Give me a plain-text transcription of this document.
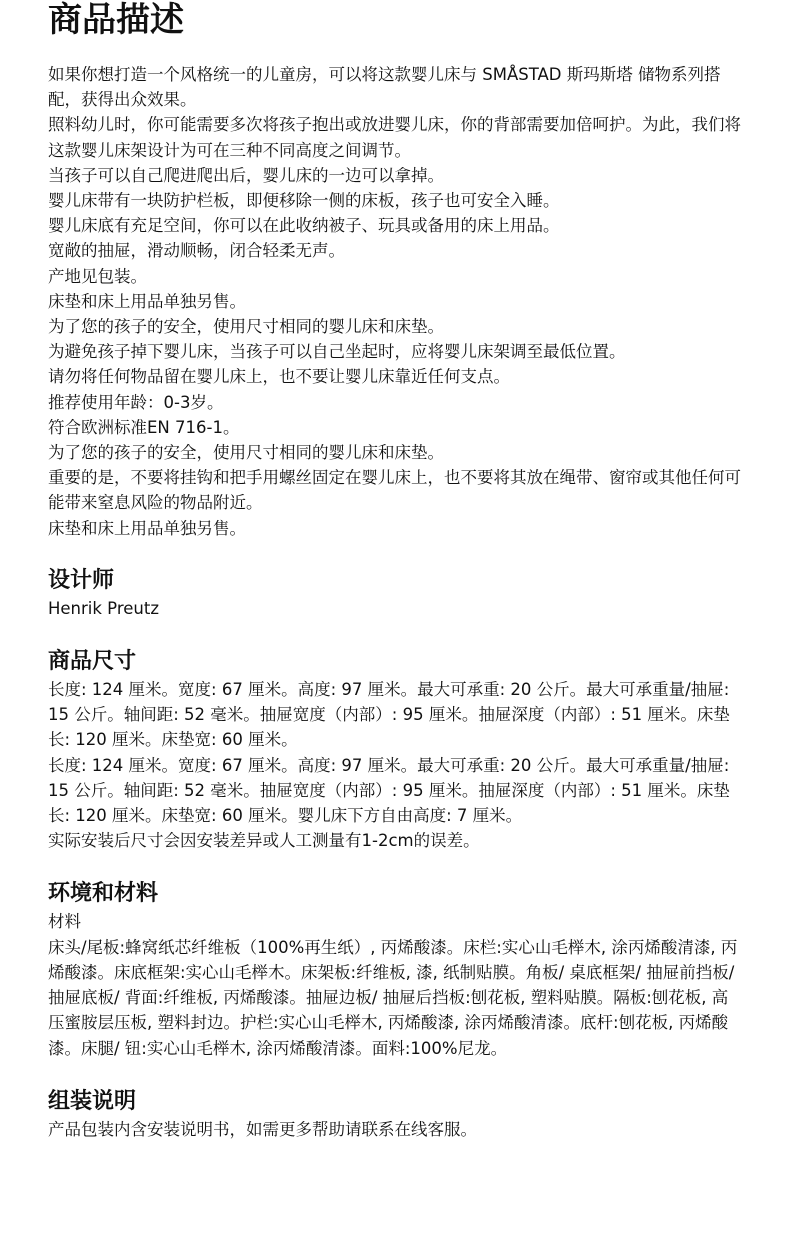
商品描述

如果你想打造一个风格统一的儿童房，可以将这款婴儿床与 SMÅSTAD 斯玛斯塔 储物系列搭配，获得出众效果。

照料幼儿时，你可能需要多次将孩子抱出或放进婴儿床，你的背部需要加倍呵护。为此，我们将这款婴儿床架设计为可在三种不同高度之间调节。

当孩子可以自己爬进爬出后，婴儿床的一边可以拿掉。

婴儿床带有一块防护栏板，即便移除一侧的床板，孩子也可安全入睡。

婴儿床底有充足空间，你可以在此收纳被子、玩具或备用的床上用品。

宽敞的抽屉，滑动顺畅，闭合轻柔无声。

产地见包装。

床垫和床上用品单独另售。

为了您的孩子的安全，使用尺寸相同的婴儿床和床垫。

为避免孩子掉下婴儿床，当孩子可以自己坐起时，应将婴儿床架调至最低位置。

请勿将任何物品留在婴儿床上，也不要让婴儿床靠近任何支点。

推荐使用年龄：0-3岁。

符合欧洲标准EN 716-1。

为了您的孩子的安全，使用尺寸相同的婴儿床和床垫。

重要的是，不要将挂钩和把手用螺丝固定在婴儿床上，也不要将其放在绳带、窗帘或其他任何可能带来窒息风险的物品附近。

床垫和床上用品单独另售。

设计师

Henrik Preutz

商品尺寸

长度: 124 厘米。宽度: 67 厘米。高度: 97 厘米。最大可承重: 20 公斤。最大可承重量/抽屉: 15 公斤。轴间距: 52 毫米。抽屉宽度（内部）: 95 厘米。抽屉深度（内部）: 51 厘米。床垫长: 120 厘米。床垫宽: 60 厘米。

长度: 124 厘米。宽度: 67 厘米。高度: 97 厘米。最大可承重: 20 公斤。最大可承重量/抽屉: 15 公斤。轴间距: 52 毫米。抽屉宽度（内部）: 95 厘米。抽屉深度（内部）: 51 厘米。床垫长: 120 厘米。床垫宽: 60 厘米。婴儿床下方自由高度: 7 厘米。

实际安装后尺寸会因安装差异或人工测量有1-2cm的误差。

环境和材料

材料

床头/尾板:蜂窝纸芯纤维板（100%再生纸）, 丙烯酸漆。床栏:实心山毛榉木, 涂丙烯酸清漆, 丙烯酸漆。床底框架:实心山毛榉木。床架板:纤维板, 漆, 纸制贴膜。角板/ 桌底框架/ 抽屉前挡板/ 抽屉底板/ 背面:纤维板, 丙烯酸漆。抽屉边板/ 抽屉后挡板:刨花板, 塑料贴膜。隔板:刨花板, 高压蜜胺层压板, 塑料封边。护栏:实心山毛榉木, 丙烯酸漆, 涂丙烯酸清漆。底杆:刨花板, 丙烯酸漆。床腿/ 钮:实心山毛榉木, 涂丙烯酸清漆。面料:100%尼龙。

组装说明

产品包装内含安装说明书，如需更多帮助请联系在线客服。
